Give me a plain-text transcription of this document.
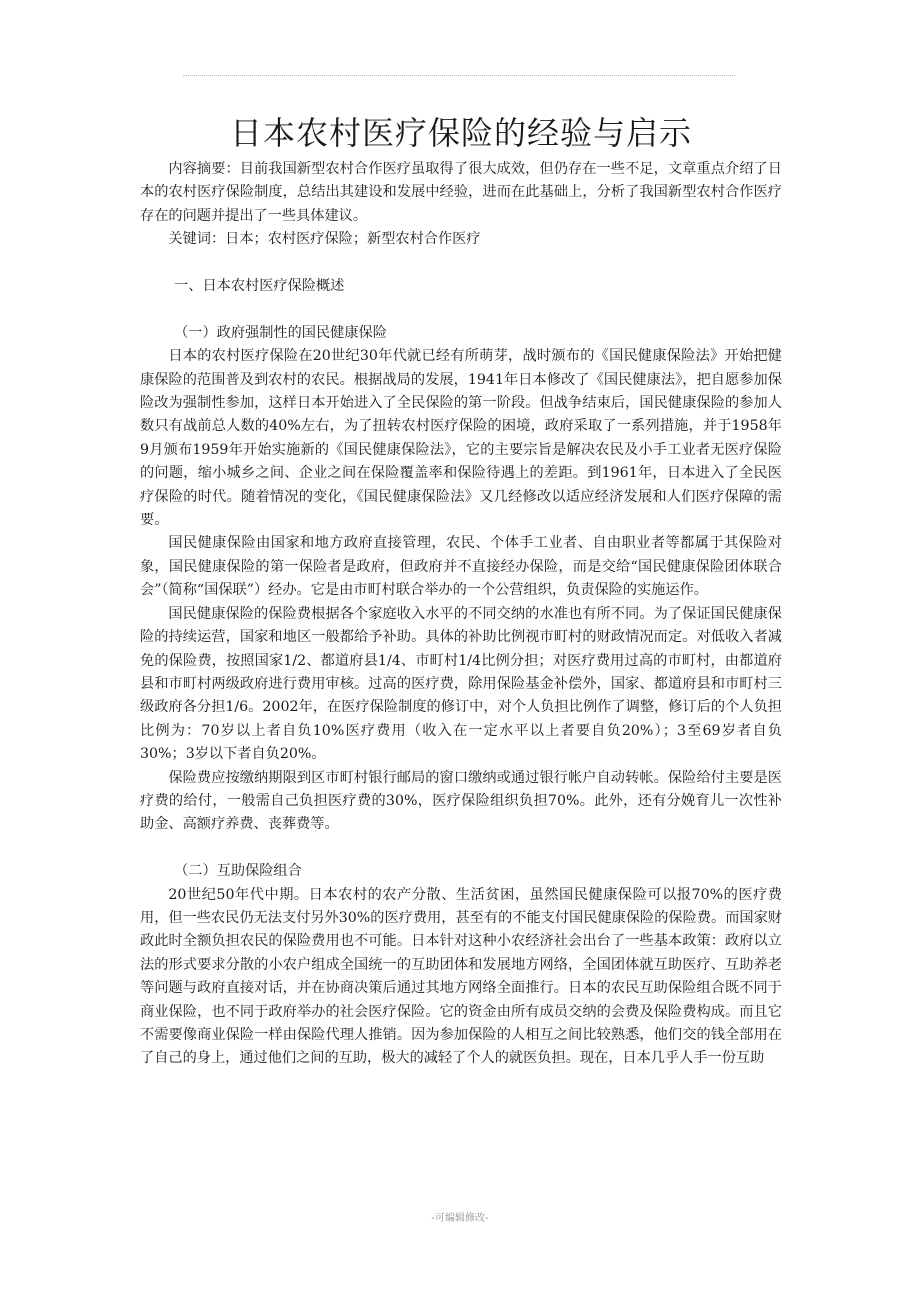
日本农村医疗保险的经验与启示

内容摘要：目前我国新型农村合作医疗虽取得了很大成效，但仍存在一些不足，文章重点介绍了日本的农村医疗保险制度，总结出其建设和发展中经验，进而在此基础上，分析了我国新型农村合作医疗存在的问题并提出了一些具体建议。

关键词：日本；农村医疗保险；新型农村合作医疗

一、日本农村医疗保险概述

（一）政府强制性的国民健康保险

日本的农村医疗保险在20世纪30年代就已经有所萌芽，战时颁布的《国民健康保险法》开始把健康保险的范围普及到农村的农民。根据战局的发展，1941年日本修改了《国民健康法》，把自愿参加保险改为强制性参加，这样日本开始进入了全民保险的第一阶段。但战争结束后，国民健康保险的参加人数只有战前总人数的40%左右，为了扭转农村医疗保险的困境，政府采取了一系列措施，并于1958年9月颁布1959年开始实施新的《国民健康保险法》，它的主要宗旨是解决农民及小手工业者无医疗保险的问题，缩小城乡之间、企业之间在保险覆盖率和保险待遇上的差距。到1961年，日本进入了全民医疗保险的时代。随着情况的变化，《国民健康保险法》又几经修改以适应经济发展和人们医疗保障的需要。

国民健康保险由国家和地方政府直接管理，农民、个体手工业者、自由职业者等都属于其保险对象，国民健康保险的第一保险者是政府，但政府并不直接经办保险，而是交给“国民健康保险团体联合会”（简称“国保联”）经办。它是由市町村联合举办的一个公营组织，负责保险的实施运作。

国民健康保险的保险费根据各个家庭收入水平的不同交纳的水准也有所不同。为了保证国民健康保险的持续运营，国家和地区一般都给予补助。具体的补助比例视市町村的财政情况而定。对低收入者减免的保险费，按照国家1/2、都道府县1/4、市町村1/4比例分担；对医疗费用过高的市町村，由都道府县和市町村两级政府进行费用审核。过高的医疗费，除用保险基金补偿外，国家、都道府县和市町村三级政府各分担1/6。2002年，在医疗保险制度的修订中，对个人负担比例作了调整，修订后的个人负担比例为：70岁以上者自负10%医疗费用（收入在一定水平以上者要自负20%）；3至69岁者自负30%；3岁以下者自负20%。

保险费应按缴纳期限到区市町村银行邮局的窗口缴纳或通过银行帐户自动转帐。保险给付主要是医疗费的给付，一般需自己负担医疗费的30%，医疗保险组织负担70%。此外，还有分娩育儿一次性补助金、高额疗养费、丧葬费等。

（二）互助保险组合

20世纪50年代中期。日本农村的农产分散、生活贫困，虽然国民健康保险可以报70%的医疗费用，但一些农民仍无法支付另外30%的医疗费用，甚至有的不能支付国民健康保险的保险费。而国家财政此时全额负担农民的保险费用也不可能。日本针对这种小农经济社会出台了一些基本政策：政府以立法的形式要求分散的小农户组成全国统一的互助团体和发展地方网络，全国团体就互助医疗、互助养老等问题与政府直接对话，并在协商决策后通过其地方网络全面推行。日本的农民互助保险组合既不同于商业保险，也不同于政府举办的社会医疗保险。它的资金由所有成员交纳的会费及保险费构成。而且它不需要像商业保险一样由保险代理人推销。因为参加保险的人相互之间比较熟悉，他们交的钱全部用在了自己的身上，通过他们之间的互助，极大的减轻了个人的就医负担。现在，日本几乎人手一份互助

-可编辑修改-
